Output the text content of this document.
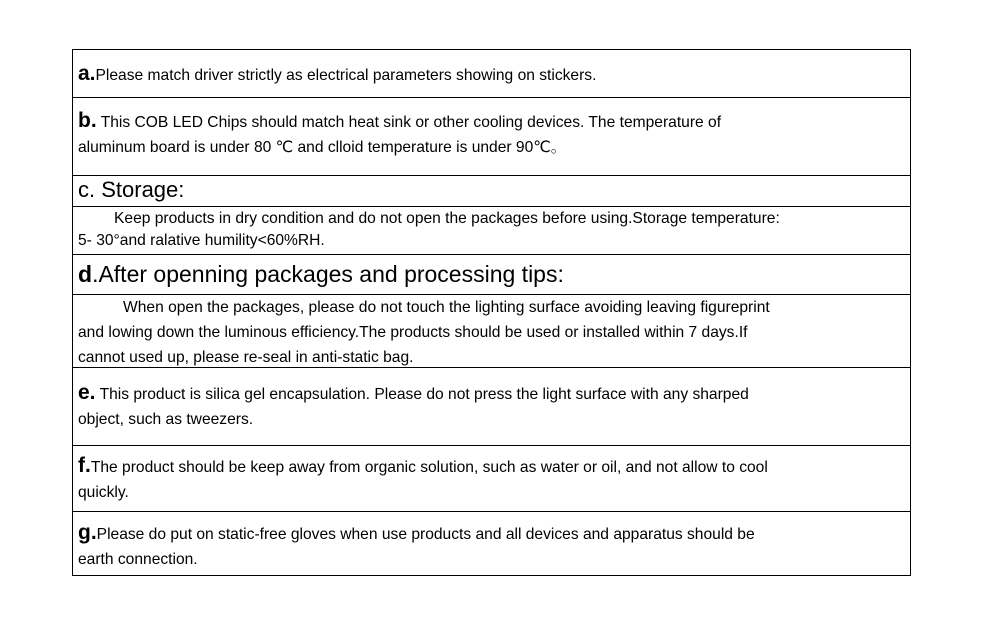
a.Please match driver strictly as electrical parameters showing on stickers.
b. This COB LED Chips should match heat sink or other cooling devices. The temperature of
aluminum board is under 80 ℃ and clloid temperature is under 90℃。
c. Storage:
Keep products in dry condition and do not open the packages before using.Storage temperature:
5- 30°and ralative humility<60%RH.
d.After openning packages and processing tips:
When open the packages, please do not touch the lighting surface avoiding leaving figureprint
and lowing down the luminous efficiency.The products should be used or installed within 7 days.If
cannot used up, please re-seal in anti-static bag.
e. This product is silica gel encapsulation. Please do not press the light surface with any sharped
object, such as tweezers.
f.The product should be keep away from organic solution, such as water or oil, and not allow to cool
quickly.
g.Please do put on static-free gloves when use products and all devices and apparatus should be
earth connection.
